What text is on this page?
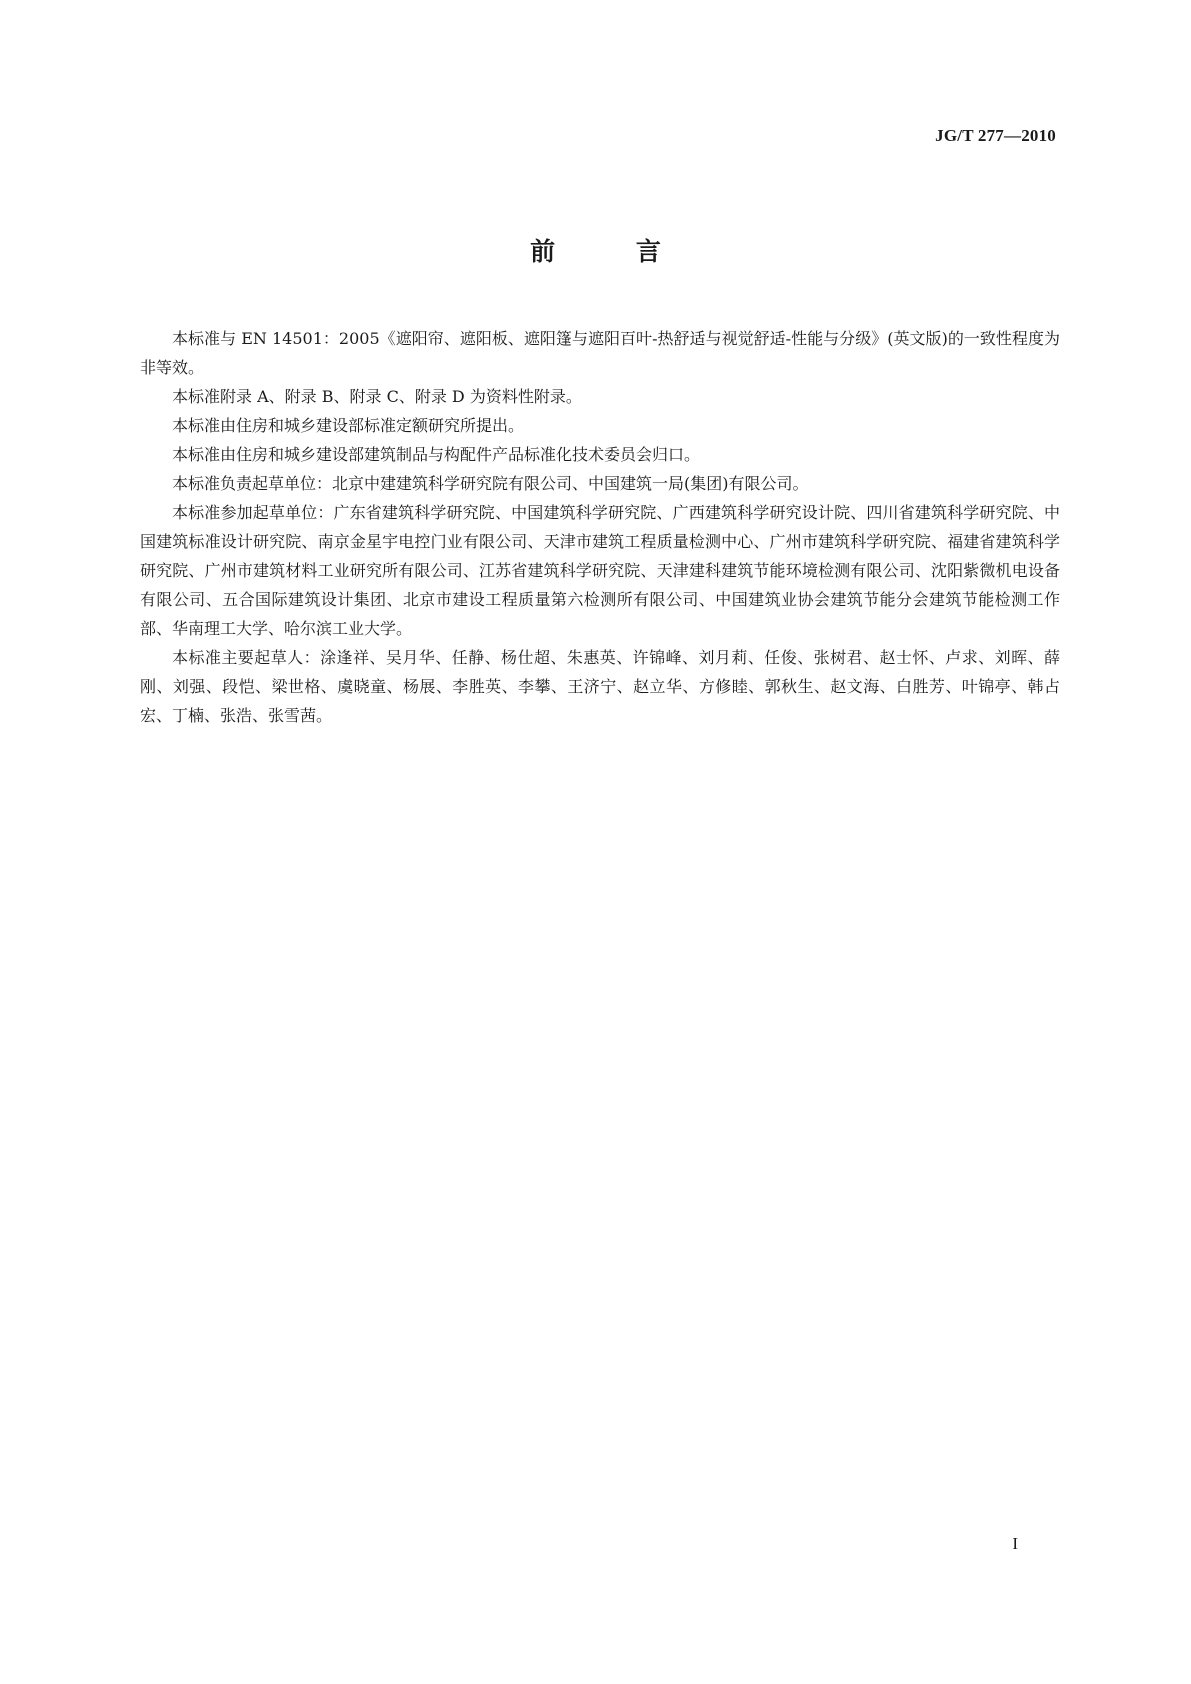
JG/T 277—2010
前 言

本标准与 EN 14501：2005《遮阳帘、遮阳板、遮阳篷与遮阳百叶-热舒适与视觉舒适-性能与分级》(英文版)的一致性程度为非等效。

本标准附录 A、附录 B、附录 C、附录 D 为资料性附录。

本标准由住房和城乡建设部标准定额研究所提出。

本标准由住房和城乡建设部建筑制品与构配件产品标准化技术委员会归口。

本标准负责起草单位：北京中建建筑科学研究院有限公司、中国建筑一局(集团)有限公司。

本标准参加起草单位：广东省建筑科学研究院、中国建筑科学研究院、广西建筑科学研究设计院、四川省建筑科学研究院、中国建筑标准设计研究院、南京金星宇电控门业有限公司、天津市建筑工程质量检测中心、广州市建筑科学研究院、福建省建筑科学研究院、广州市建筑材料工业研究所有限公司、江苏省建筑科学研究院、天津建科建筑节能环境检测有限公司、沈阳紫微机电设备有限公司、五合国际建筑设计集团、北京市建设工程质量第六检测所有限公司、中国建筑业协会建筑节能分会建筑节能检测工作部、华南理工大学、哈尔滨工业大学。

本标准主要起草人：涂逢祥、吴月华、任静、杨仕超、朱惠英、许锦峰、刘月莉、任俊、张树君、赵士怀、卢求、刘晖、薛刚、刘强、段恺、梁世格、虞晓童、杨展、李胜英、李攀、王济宁、赵立华、方修睦、郭秋生、赵文海、白胜芳、叶锦亭、韩占宏、丁楠、张浩、张雪茜。

I
